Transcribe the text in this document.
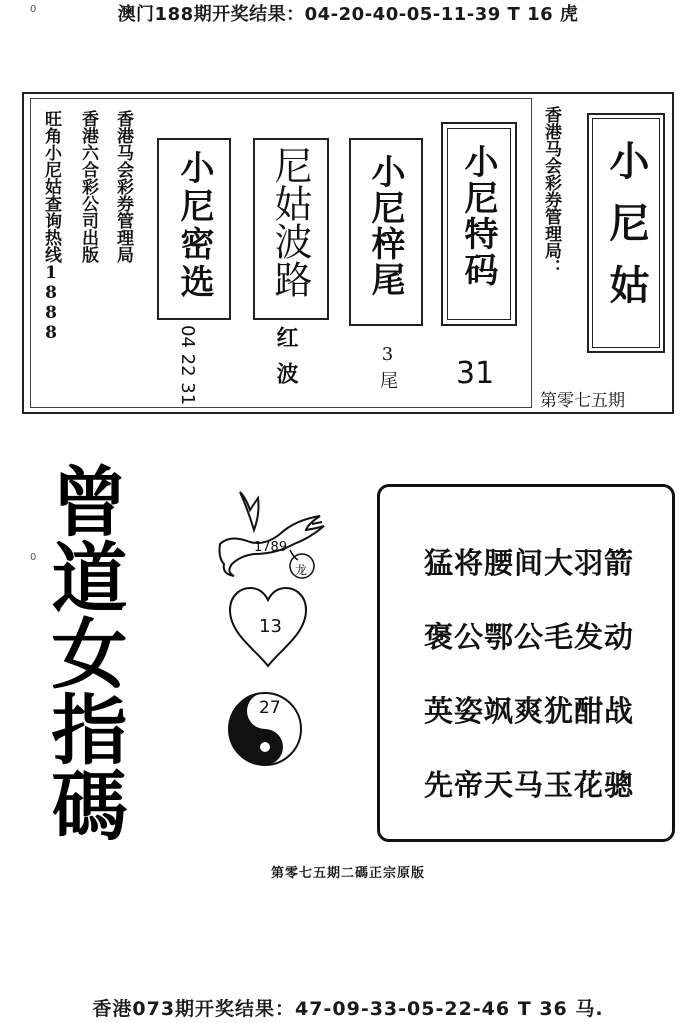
0
0
澳门188期开奖结果：04-20-40-05-11-39 T 16 虎
旺角小尼姑查询热线1888 香港六合彩公司出版 香港马会彩券管理局 小尼密选
04 22 31
尼姑波路
红波
小尼梓尾
3尾
小尼特码
31
香港马会彩券管理局： 小尼姑
第零七五期
曾道女指碼	1789
龙
13
27
猛将腰间大羽箭
褒公鄂公毛发动
英姿飒爽犹酣战
先帝天马玉花骢
第零七五期二碼正宗原版
香港073期开奖结果：47-09-33-05-22-46 T 36 马.
